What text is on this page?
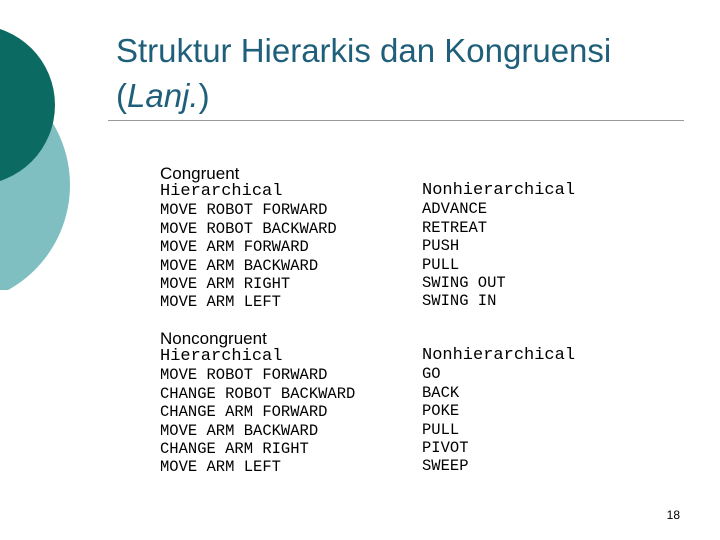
Struktur Hierarkis dan Kongruensi
(Lanj.)
Congruent
Hierarchical
MOVE ROBOT FORWARD
MOVE ROBOT BACKWARD
MOVE ARM FORWARD
MOVE ARM BACKWARD
MOVE ARM RIGHT
MOVE ARM LEFT
Nonhierarchical
ADVANCE
RETREAT
PUSH
PULL
SWING OUT
SWING IN
Noncongruent
Hierarchical
MOVE ROBOT FORWARD
CHANGE ROBOT BACKWARD
CHANGE ARM FORWARD
MOVE ARM BACKWARD
CHANGE ARM RIGHT
MOVE ARM LEFT
Nonhierarchical
GO
BACK
POKE
PULL
PIVOT
SWEEP
18
